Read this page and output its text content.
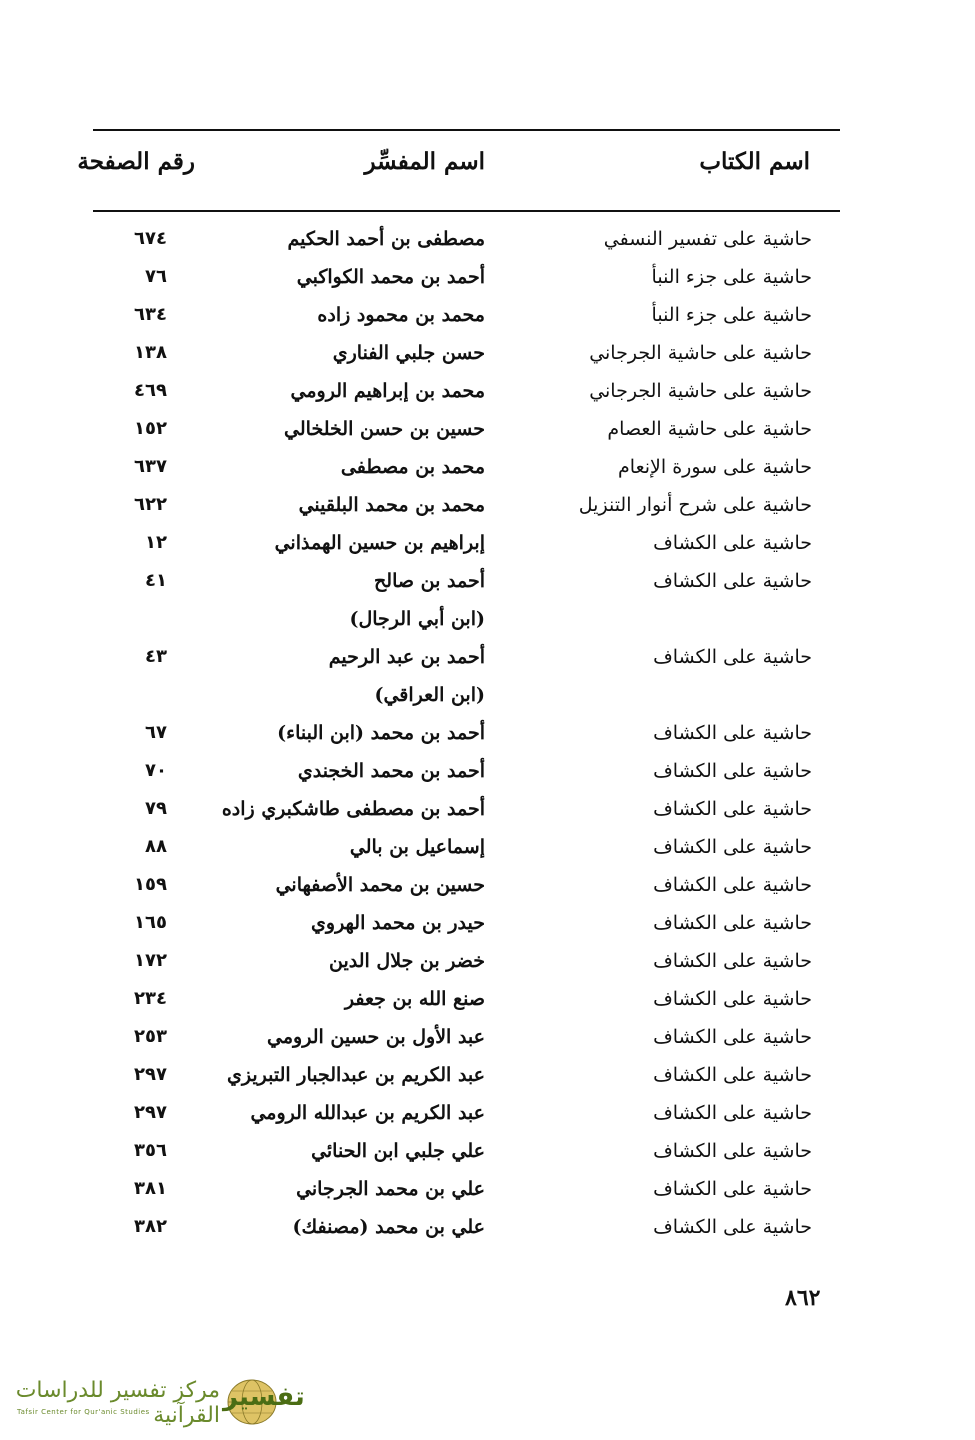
اسم الكتاب
اسم المفسِّر
رقم الصفحة
حاشية على تفسير النسفي
مصطفى بن أحمد الحكيم
٦٧٤
حاشية على جزء النبأ
أحمد بن محمد الكواكبي
٧٦
حاشية على جزء النبأ
محمد بن محمود زاده
٦٣٤
حاشية على حاشية الجرجاني
حسن جلبي الفناري
١٣٨
حاشية على حاشية الجرجاني
محمد بن إبراهيم الرومي
٤٦٩
حاشية على حاشية العصام
حسين بن حسن الخلخالي
١٥٢
حاشية على سورة الإنعام
محمد بن مصطفى
٦٣٧
حاشية على شرح أنوار التنزيل
محمد بن محمد البلقيني
٦٢٢
حاشية على الكشاف
إبراهيم بن حسين الهمذاني
١٢
حاشية على الكشاف
أحمد بن صالح
٤١
(ابن أبي الرجال)
حاشية على الكشاف
أحمد بن عبد الرحيم
٤٣
(ابن العراقي)
حاشية على الكشاف
أحمد بن محمد (ابن البناء)
٦٧
حاشية على الكشاف
أحمد بن محمد الخجندي
٧٠
حاشية على الكشاف
أحمد بن مصطفى طاشكبري زاده
٧٩
حاشية على الكشاف
إسماعيل بن بالي
٨٨
حاشية على الكشاف
حسين بن محمد الأصفهاني
١٥٩
حاشية على الكشاف
حيدر بن محمد الهروي
١٦٥
حاشية على الكشاف
خضر بن جلال الدين
١٧٢
حاشية على الكشاف
صنع الله بن جعفر
٢٣٤
حاشية على الكشاف
عبد الأول بن حسين الرومي
٢٥٣
حاشية على الكشاف
عبد الكريم بن عبدالجبار التبريزي
٢٩٧
حاشية على الكشاف
عبد الكريم بن عبدالله الرومي
٢٩٧
حاشية على الكشاف
علي جلبي ابن الحنائي
٣٥٦
حاشية على الكشاف
علي بن محمد الجرجاني
٣٨١
حاشية على الكشاف
علي بن محمد (مصنفك)
٣٨٢
٨٦٢
مركز تفسير للدراسات القرآنية
Tafsir Center for Qur'anic Studies	تفسير
